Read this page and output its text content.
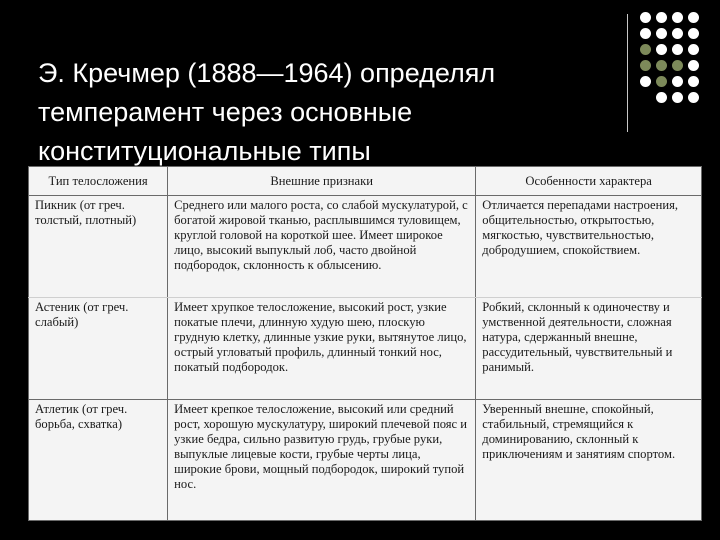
Э. Кречмер (1888—1964) определял темперамент через основные конституциональные типы
Тип телосложения	Внешние признаки	Особенности характера
Пикник (от греч. толстый, плотный)	Среднего или малого роста, со слабой мускулатурой, с богатой жировой тканью, расплывшимся туловищем, круглой головой на короткой шее. Имеет широкое лицо, высокий выпуклый лоб, часто двойной подбородок, склонность к облысению.	Отличается перепадами настроения, общительностью, открытостью, мягкостью, чувствительностью, добродушием, спокойствием.
Астеник (от греч. слабый)	Имеет хрупкое телосложение, высокий рост, узкие покатые плечи, длинную худую шею, плоскую грудную клетку, длинные узкие руки, вытянутое лицо, острый угловатый профиль, длинный тонкий нос, покатый подбородок.	Робкий, склонный к одиночеству и умственной деятельности, сложная натура, сдержанный внешне, рассудительный, чувствительный и ранимый.
Атлетик (от греч. борьба, схватка)	Имеет крепкое телосложение, высокий или средний рост, хорошую мускулатуру, широкий плечевой пояс и узкие бедра, сильно развитую грудь, грубые руки, выпуклые лицевые кости, грубые черты лица, широкие брови, мощный подбородок, широкий тупой нос.	Уверенный внешне, спокойный, стабильный, стремящийся к доминированию, склонный к приключениям и занятиям спортом.
